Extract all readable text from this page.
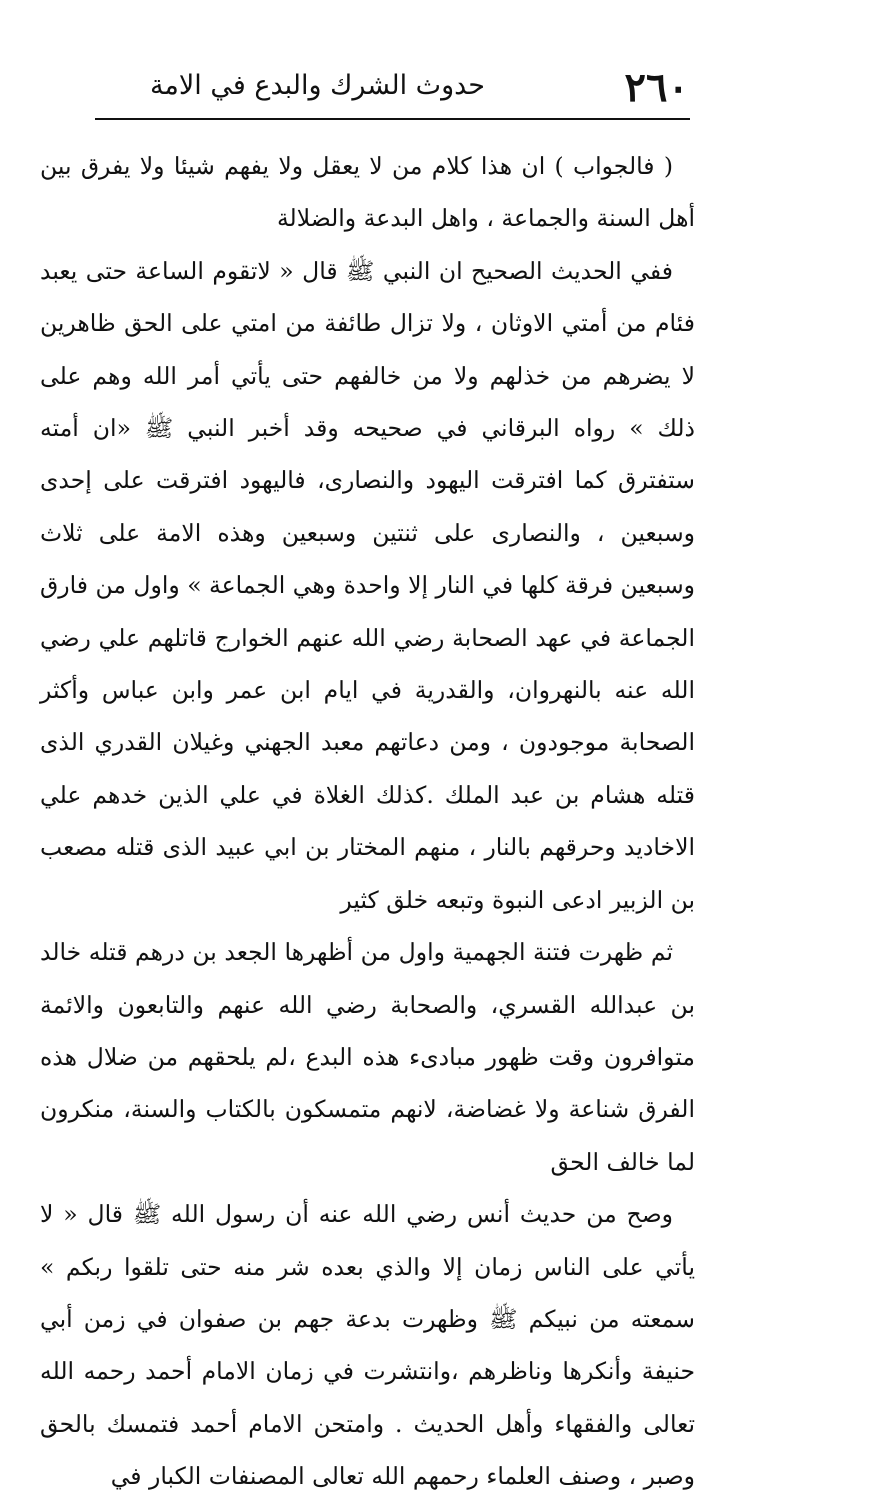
٢٦٠
حدوث الشرك والبدع في الامة

( فالجواب ) ان هذا كلام من لا يعقل ولا يفهم شيئا ولا يفرق بين أهل السنة والجماعة ، واهل البدعة والضلالة

ففي الحديث الصحيح ان النبي ﷺ قال « لاتقوم الساعة حتى يعبد فئام من أمتي الاوثان ، ولا تزال طائفة من امتي على الحق ظاهرين لا يضرهم من خذلهم ولا من خالفهم حتى يأتي أمر الله وهم على ذلك » رواه البرقاني في صحيحه وقد أخبر النبي ﷺ «ان أمته ستفترق كما افترقت اليهود والنصارى، فاليهود افترقت على إحدى وسبعين ، والنصارى على ثنتين وسبعين وهذه الامة على ثلاث وسبعين فرقة كلها في النار إلا واحدة وهي الجماعة » واول من فارق الجماعة في عهد الصحابة رضي الله عنهم الخوارج قاتلهم علي رضي الله عنه بالنهروان، والقدرية في ايام ابن عمر وابن عباس وأكثر الصحابة موجودون ، ومن دعاتهم معبد الجهني وغيلان القدري الذى قتله هشام بن عبد الملك .كذلك الغلاة في علي الذين خدهم علي الاخاديد وحرقهم بالنار ، منهم المختار بن ابي عبيد الذى قتله مصعب بن الزبير ادعى النبوة وتبعه خلق كثير

ثم ظهرت فتنة الجهمية واول من أظهرها الجعد بن درهم قتله خالد بن عبدالله القسري، والصحابة رضي الله عنهم والتابعون والائمة متوافرون وقت ظهور مبادىء هذه البدع ،لم يلحقهم من ضلال هذه الفرق شناعة ولا غضاضة، لانهم متمسكون بالكتاب والسنة، منكرون لما خالف الحق

وصح من حديث أنس رضي الله عنه أن رسول الله ﷺ قال « لا يأتي على الناس زمان إلا والذي بعده شر منه حتى تلقوا ربكم » سمعته من نبيكم ﷺ وظهرت بدعة جهم بن صفوان في زمن أبي حنيفة وأنكرها وناظرهم ،وانتشرت في زمان الامام أحمد رحمه الله تعالى والفقهاء وأهل الحديث . وامتحن الامام أحمد فتمسك بالحق وصبر ، وصنف العلماء رحمهم الله تعالى المصنفات الكبار في
